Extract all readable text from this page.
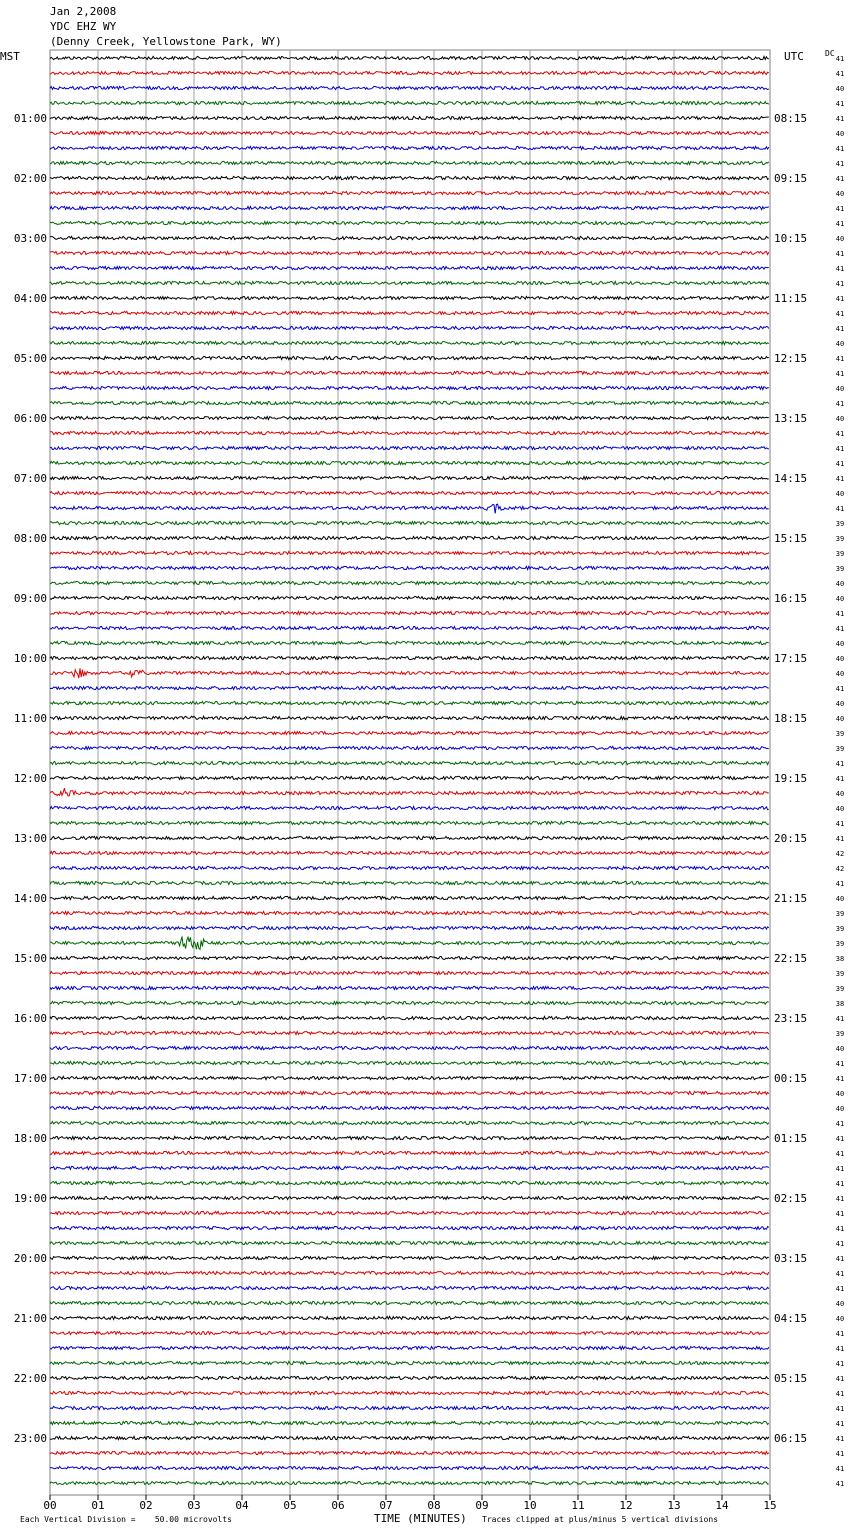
Jan 2,2008
YDC EHZ WY
(Denny Creek, Yellowstone Park, WY)
MST	UTC	DC
41
41
40
41
41
40
41
41
41
40
41
41
40
41
41
41
41
41
41
40
41
41
40
41
40
41
41
41
41
40
41
39
39
39
39
40
40
41
41
40
40
40
41
40
40
39
39
41
41
40
40
41
41
42
42
41
40
39
39
39
38
39
39
38
41
39
40
41
41
40
40
41
41
41
41
41
41
41
41
41
41
41
41
40
40
41
41
41
41
41
41
41
41
41
41
41
01:00
02:00
03:00
04:00
05:00
06:00
07:00
08:00
09:00
10:00
11:00
12:00
13:00
14:00
15:00
16:00
17:00
18:00
19:00
20:00
21:00
22:00
23:00
08:15
09:15
10:15
11:15
12:15
13:15
14:15
15:15
16:15
17:15
18:15
19:15
20:15
21:15
22:15
23:15
00:15
01:15
02:15
03:15
04:15
05:15
06:15
00	01	02	03	04	05	06	07	08	09	10	11	12	13	14	15
Each Vertical Division =    50.00 microvolts	TIME (MINUTES) Traces clipped at plus/minus 5 vertical divisions
